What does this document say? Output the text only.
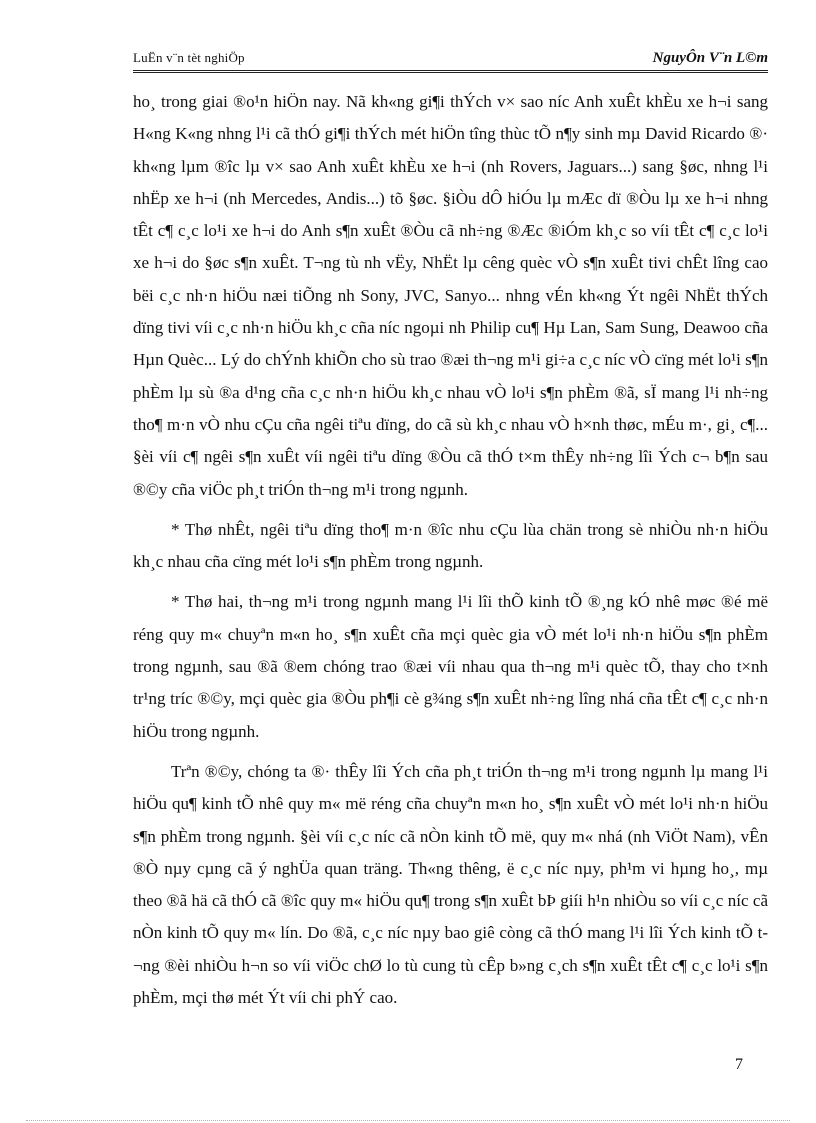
LuËn v¨n tèt nghiÖp	NguyÔn V¨n L©m

ho¸ trong giai ®o¹n hiÖn nay. Nã kh«ng gi¶i thÝch v× sao níc Anh xuÊt khÈu xe h¬i sang H«ng K«ng nhng l¹i cã thÓ gi¶i thÝch mét hiÖn tîng thùc tÕ n¶y sinh mµ David Ricardo ®· kh«ng lµm ®îc lµ v× sao Anh xuÊt khÈu xe h¬i (nh Rovers, Jaguars...) sang §øc, nhng l¹i nhËp xe h¬i (nh Mercedes, Andis...) tõ §øc. §iÒu dÔ hiÓu lµ mÆc dï ®Òu lµ xe h¬i nhng tÊt c¶ c¸c lo¹i xe h¬i do Anh s¶n xuÊt ®Òu cã nh÷ng ®Æc ®iÓm kh¸c so víi tÊt c¶ c¸c lo¹i xe h¬i do §øc s¶n xuÊt. T¬ng tù nh vËy, NhËt lµ cêng quèc vÒ s¶n xuÊt tivi chÊt lîng cao bëi c¸c nh·n hiÖu næi tiÕng nh Sony, JVC, Sanyo... nhng vÉn kh«ng Ýt ngêi NhËt thÝch dïng tivi víi c¸c nh·n hiÖu kh¸c cña níc ngoµi nh Philip cu¶ Hµ Lan, Sam Sung, Deawoo cña Hµn Quèc... Lý do chÝnh khiÕn cho sù trao ®æi th¬ng m¹i gi÷a c¸c níc vÒ cïng mét lo¹i s¶n phÈm lµ sù ®a d¹ng cña c¸c nh·n hiÖu kh¸c nhau vÒ lo¹i s¶n phÈm ®ã, sÏ mang l¹i nh÷ng tho¶ m·n vÒ nhu cÇu cña ngêi tiªu dïng, do cã sù kh¸c nhau vÒ h×nh thøc, mÉu m·, gi¸ c¶... §èi víi c¶ ngêi s¶n xuÊt víi ngêi tiªu dïng ®Òu cã thÓ t×m thÊy nh÷ng lîi Ých c¬ b¶n sau ®©y cña viÖc ph¸t triÓn th¬ng m¹i trong ngµnh.

* Thø nhÊt, ngêi tiªu dïng tho¶ m·n ®îc nhu cÇu lùa chän trong sè nhiÒu nh·n hiÖu kh¸c nhau cña cïng mét lo¹i s¶n phÈm trong ngµnh.

* Thø hai, th¬ng m¹i trong ngµnh mang l¹i lîi thÕ kinh tÕ ®¸ng kÓ nhê møc ®é më réng quy m« chuyªn m«n ho¸ s¶n xuÊt cña mçi quèc gia vÒ mét lo¹i nh·n hiÖu s¶n phÈm trong ngµnh, sau ®ã ®em chóng trao ®æi víi nhau qua th¬ng m¹i quèc tÕ, thay cho t×nh tr¹ng tríc ®©y, mçi quèc gia ®Òu ph¶i cè g¾ng s¶n xuÊt nh÷ng lîng nhá cña tÊt c¶ c¸c nh·n hiÖu trong ngµnh.

Trªn ®©y, chóng ta ®· thÊy lîi Ých cña ph¸t triÓn th¬ng m¹i trong ngµnh lµ mang l¹i hiÖu qu¶ kinh tÕ nhê quy m« më réng cña chuyªn m«n ho¸ s¶n xuÊt vÒ mét lo¹i nh·n hiÖu s¶n phÈm trong ngµnh. §èi víi c¸c níc cã nÒn kinh tÕ më, quy m« nhá (nh ViÖt Nam), vÊn ®Ò nµy cµng cã ý nghÜa quan träng. Th«ng thêng, ë c¸c níc nµy, ph¹m vi hµng ho¸, mµ theo ®ã hä cã thÓ cã ®îc quy m« hiÖu qu¶ trong s¶n xuÊt bÞ giíi h¹n nhiÒu so víi c¸c níc cã nÒn kinh tÕ quy m« lín. Do ®ã, c¸c níc nµy bao giê còng cã thÓ mang l¹i lîi Ých kinh tÕ t¬ng ®èi nhiÒu h¬n so víi viÖc chØ lo tù cung tù cÊp b»ng c¸ch s¶n xuÊt tÊt c¶ c¸c lo¹i s¶n phÈm, mçi thø mét Ýt víi chi phÝ cao.

7
